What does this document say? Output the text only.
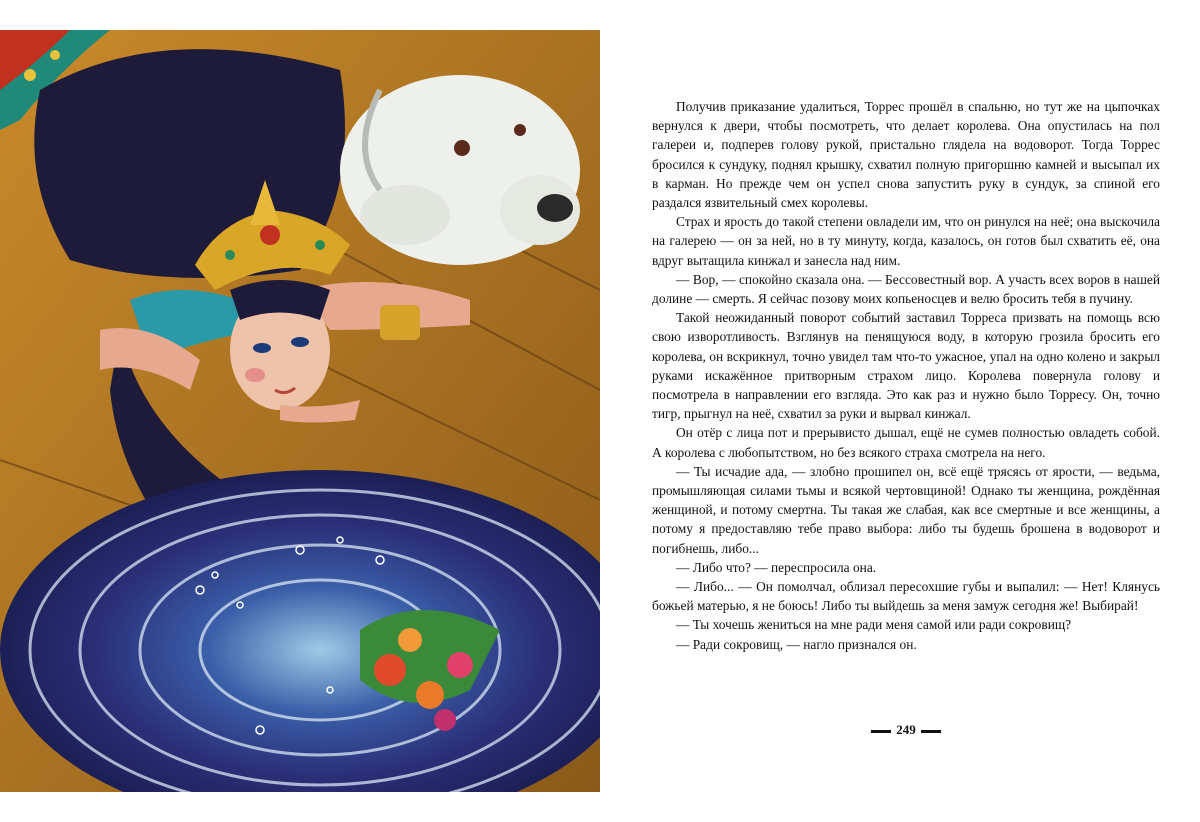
Получив приказание удалиться, Торрес прошёл в спальню, но тут же на цыпочках вернулся к двери, чтобы посмотреть, что делает королева. Она опустилась на пол галереи и, подперев голову рукой, пристально глядела на водоворот. Тогда Торрес бросился к сундуку, поднял крышку, схватил полную пригоршню камней и высыпал их в карман. Но прежде чем он успел снова запустить руку в сундук, за спиной его раздался язвительный смех королевы.

Страх и ярость до такой степени овладели им, что он ринулся на неё; она выскочила на галерею — он за ней, но в ту минуту, когда, казалось, он готов был схватить её, она вдруг вытащила кинжал и занесла над ним.

— Вор, — спокойно сказала она. — Бессовестный вор. А участь всех воров в нашей долине — смерть. Я сейчас позову моих копьеносцев и велю бросить тебя в пучину.

Такой неожиданный поворот событий заставил Торреса призвать на помощь всю свою изворотливость. Взглянув на пенящуюся воду, в которую грозила бросить его королева, он вскрикнул, точно увидел там что-то ужасное, упал на одно колено и закрыл руками искажённое притворным страхом лицо. Королева повернула голову и посмотрела в направлении его взгляда. Это как раз и нужно было Торресу. Он, точно тигр, прыгнул на неё, схватил за руки и вырвал кинжал.

Он отёр с лица пот и прерывисто дышал, ещё не сумев полностью овладеть собой. А королева с любопытством, но без всякого страха смотрела на него.

— Ты исчадие ада, — злобно прошипел он, всё ещё трясясь от ярости, — ведьма, промышляющая силами тьмы и всякой чертовщиной! Однако ты женщина, рождённая женщиной, и потому смертна. Ты такая же слабая, как все смертные и все женщины, а потому я предоставляю тебе право выбора: либо ты будешь брошена в водоворот и погибнешь, либо...

— Либо что? — переспросила она.

— Либо... — Он помолчал, облизал пересохшие губы и выпалил: — Нет! Клянусь божьей матерью, я не боюсь! Либо ты выйдешь за меня замуж сегодня же! Выбирай!

— Ты хочешь жениться на мне ради меня самой или ради сокровищ?

— Ради сокровищ, — нагло признался он.

249
